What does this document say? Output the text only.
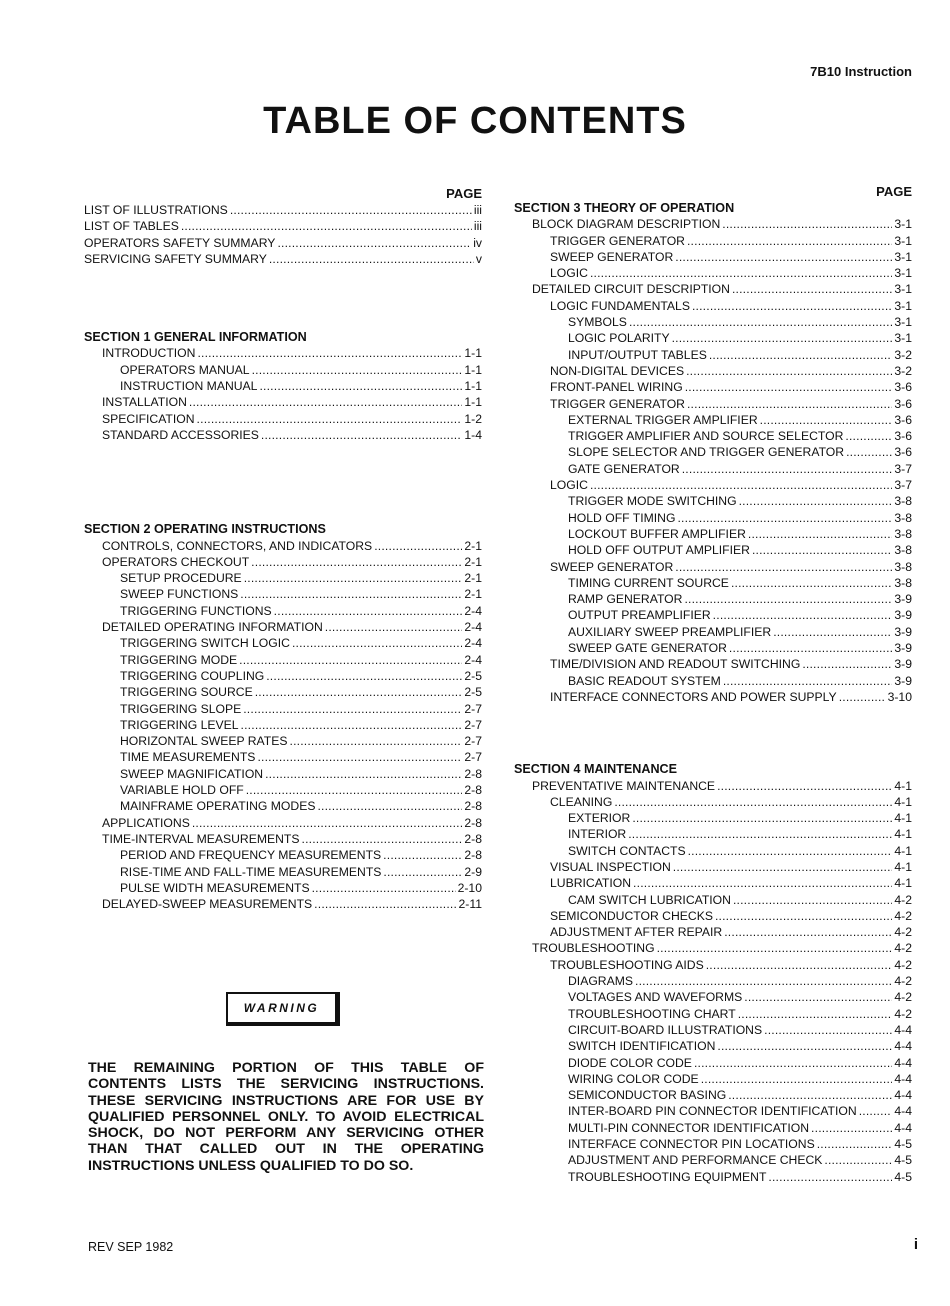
7B10 Instruction
TABLE OF CONTENTS
PAGE
LIST OF ILLUSTRATIONS . . .	iii
LIST OF TABLES . . .	iii
OPERATORS SAFETY SUMMARY . . .	iv
SERVICING SAFETY SUMMARY . . .	v
SECTION 1 GENERAL INFORMATION
INTRODUCTION . . .	1-1
OPERATORS MANUAL . . .	1-1
INSTRUCTION MANUAL . . .	1-1
INSTALLATION . . .	1-1
SPECIFICATION . . .	1-2
STANDARD ACCESSORIES . . .	1-4
SECTION 2 OPERATING INSTRUCTIONS
CONTROLS, CONNECTORS, AND INDICATORS . . .	2-1
OPERATORS CHECKOUT . . .	2-1
SETUP PROCEDURE . . .	2-1
SWEEP FUNCTIONS . . .	2-1
TRIGGERING FUNCTIONS . . .	2-4
DETAILED OPERATING INFORMATION . . .	2-4
TRIGGERING SWITCH LOGIC . . .	2-4
TRIGGERING MODE . . .	2-4
TRIGGERING COUPLING . . .	2-5
TRIGGERING SOURCE . . .	2-5
TRIGGERING SLOPE . . .	2-7
TRIGGERING LEVEL . . .	2-7
HORIZONTAL SWEEP RATES . . .	2-7
TIME MEASUREMENTS . . .	2-7
SWEEP MAGNIFICATION . . .	2-8
VARIABLE HOLD OFF . . .	2-8
MAINFRAME OPERATING MODES . . .	2-8
APPLICATIONS . . .	2-8
TIME-INTERVAL MEASUREMENTS . . .	2-8
PERIOD AND FREQUENCY MEASUREMENTS . . .	2-8
RISE-TIME AND FALL-TIME MEASUREMENTS . . .	2-9
PULSE WIDTH MEASUREMENTS . . .	2-10
DELAYED-SWEEP MEASUREMENTS . . .	2-11
WARNING
THE REMAINING PORTION OF THIS TABLE OF CONTENTS LISTS THE SERVICING INSTRUCTIONS. THESE SERVICING INSTRUCTIONS ARE FOR USE BY QUALIFIED PERSONNEL ONLY. TO AVOID ELECTRICAL SHOCK, DO NOT PERFORM ANY SERVICING OTHER THAN THAT CALLED OUT IN THE OPERATING INSTRUCTIONS UNLESS QUALIFIED TO DO SO.
PAGE
SECTION 3 THEORY OF OPERATION
BLOCK DIAGRAM DESCRIPTION . . .	3-1
TRIGGER GENERATOR . . .	3-1
SWEEP GENERATOR . . .	3-1
LOGIC . . .	3-1
DETAILED CIRCUIT DESCRIPTION . . .	3-1
LOGIC FUNDAMENTALS . . .	3-1
SYMBOLS . . .	3-1
LOGIC POLARITY . . .	3-1
INPUT/OUTPUT TABLES . . .	3-2
NON-DIGITAL DEVICES . . .	3-2
FRONT-PANEL WIRING . . .	3-6
TRIGGER GENERATOR . . .	3-6
EXTERNAL TRIGGER AMPLIFIER . . .	3-6
TRIGGER AMPLIFIER AND SOURCE SELECTOR . . .	3-6
SLOPE SELECTOR AND TRIGGER GENERATOR . . .	3-6
GATE GENERATOR . . .	3-7
LOGIC . . .	3-7
TRIGGER MODE SWITCHING . . .	3-8
HOLD OFF TIMING . . .	3-8
LOCKOUT BUFFER AMPLIFIER . . .	3-8
HOLD OFF OUTPUT AMPLIFIER . . .	3-8
SWEEP GENERATOR . . .	3-8
TIMING CURRENT SOURCE . . .	3-8
RAMP GENERATOR . . .	3-9
OUTPUT PREAMPLIFIER . . .	3-9
AUXILIARY SWEEP PREAMPLIFIER . . .	3-9
SWEEP GATE GENERATOR . . .	3-9
TIME/DIVISION AND READOUT SWITCHING . . .	3-9
BASIC READOUT SYSTEM . . .	3-9
INTERFACE CONNECTORS AND POWER SUPPLY . . .	3-10
SECTION 4 MAINTENANCE
PREVENTATIVE MAINTENANCE . . .	4-1
CLEANING . . .	4-1
EXTERIOR . . .	4-1
INTERIOR . . .	4-1
SWITCH CONTACTS . . .	4-1
VISUAL INSPECTION . . .	4-1
LUBRICATION . . .	4-1
CAM SWITCH LUBRICATION . . .	4-2
SEMICONDUCTOR CHECKS . . .	4-2
ADJUSTMENT AFTER REPAIR . . .	4-2
TROUBLESHOOTING . . .	4-2
TROUBLESHOOTING AIDS . . .	4-2
DIAGRAMS . . .	4-2
VOLTAGES AND WAVEFORMS . . .	4-2
TROUBLESHOOTING CHART . . .	4-2
CIRCUIT-BOARD ILLUSTRATIONS . . .	4-4
SWITCH IDENTIFICATION . . .	4-4
DIODE COLOR CODE . . .	4-4
WIRING COLOR CODE . . .	4-4
SEMICONDUCTOR BASING . . .	4-4
INTER-BOARD PIN CONNECTOR IDENTIFICATION . . .	4-4
MULTI-PIN CONNECTOR IDENTIFICATION . . .	4-4
INTERFACE CONNECTOR PIN LOCATIONS . . .	4-5
ADJUSTMENT AND PERFORMANCE CHECK . . .	4-5
TROUBLESHOOTING EQUIPMENT . . .	4-5
REV SEP 1982	i
